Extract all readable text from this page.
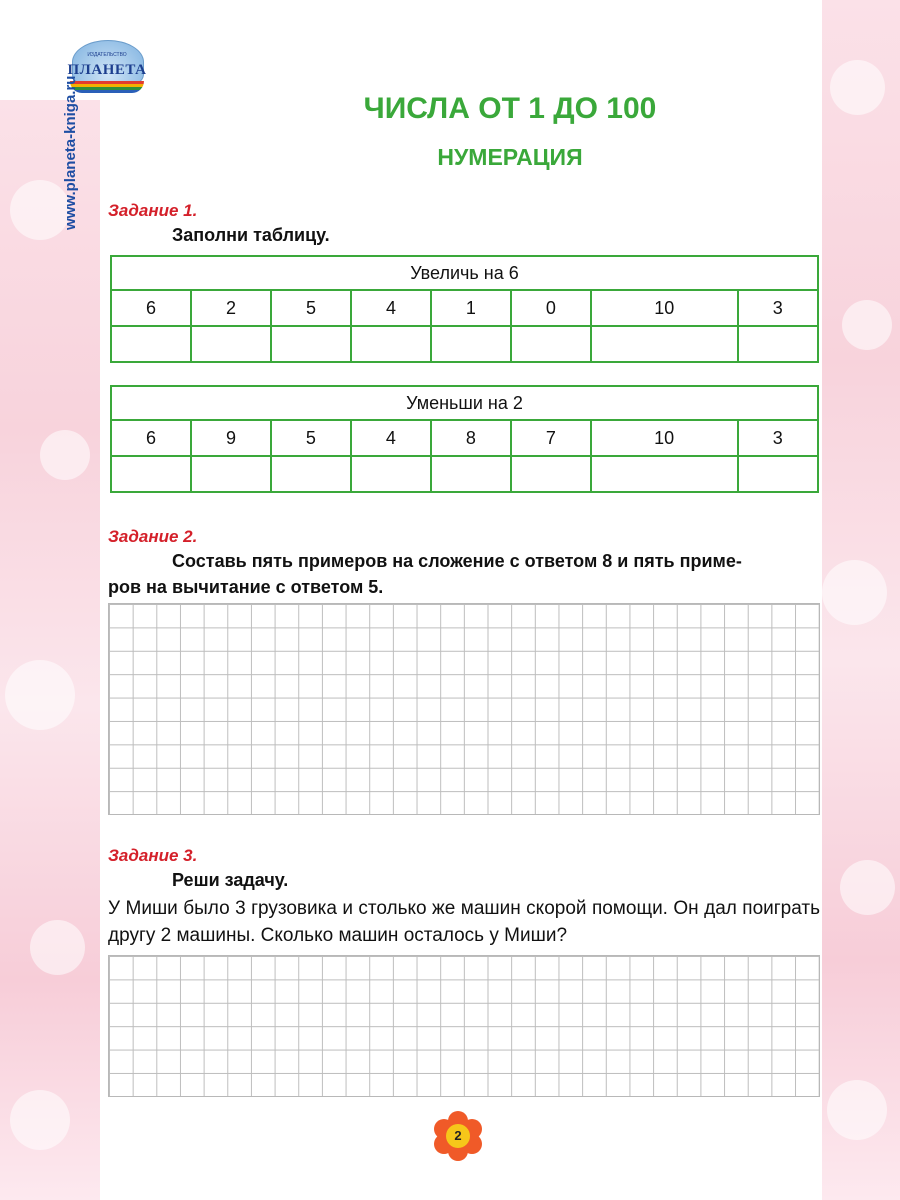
ИЗДАТЕЛЬСТВО
ПЛАНЕТА
www.planeta-kniga.ru	ЧИСЛА ОТ 1 ДО 100
НУМЕРАЦИЯ
Задание 1.
Заполни таблицу.
Увеличь на 6							
6	2	5	4	1	0	10	3

Уменьши на 2							
6	9	5	4	8	7	10	3

Задание 2.
Составь пять примеров на сложение с ответом 8 и пять приме-
ров на вычитание с ответом 5.
Задание 3.
Реши задачу.
У Миши было 3 грузовика и столько же машин скорой помощи. Он дал поиграть другу 2 машины. Сколько машин осталось у Миши?
2
